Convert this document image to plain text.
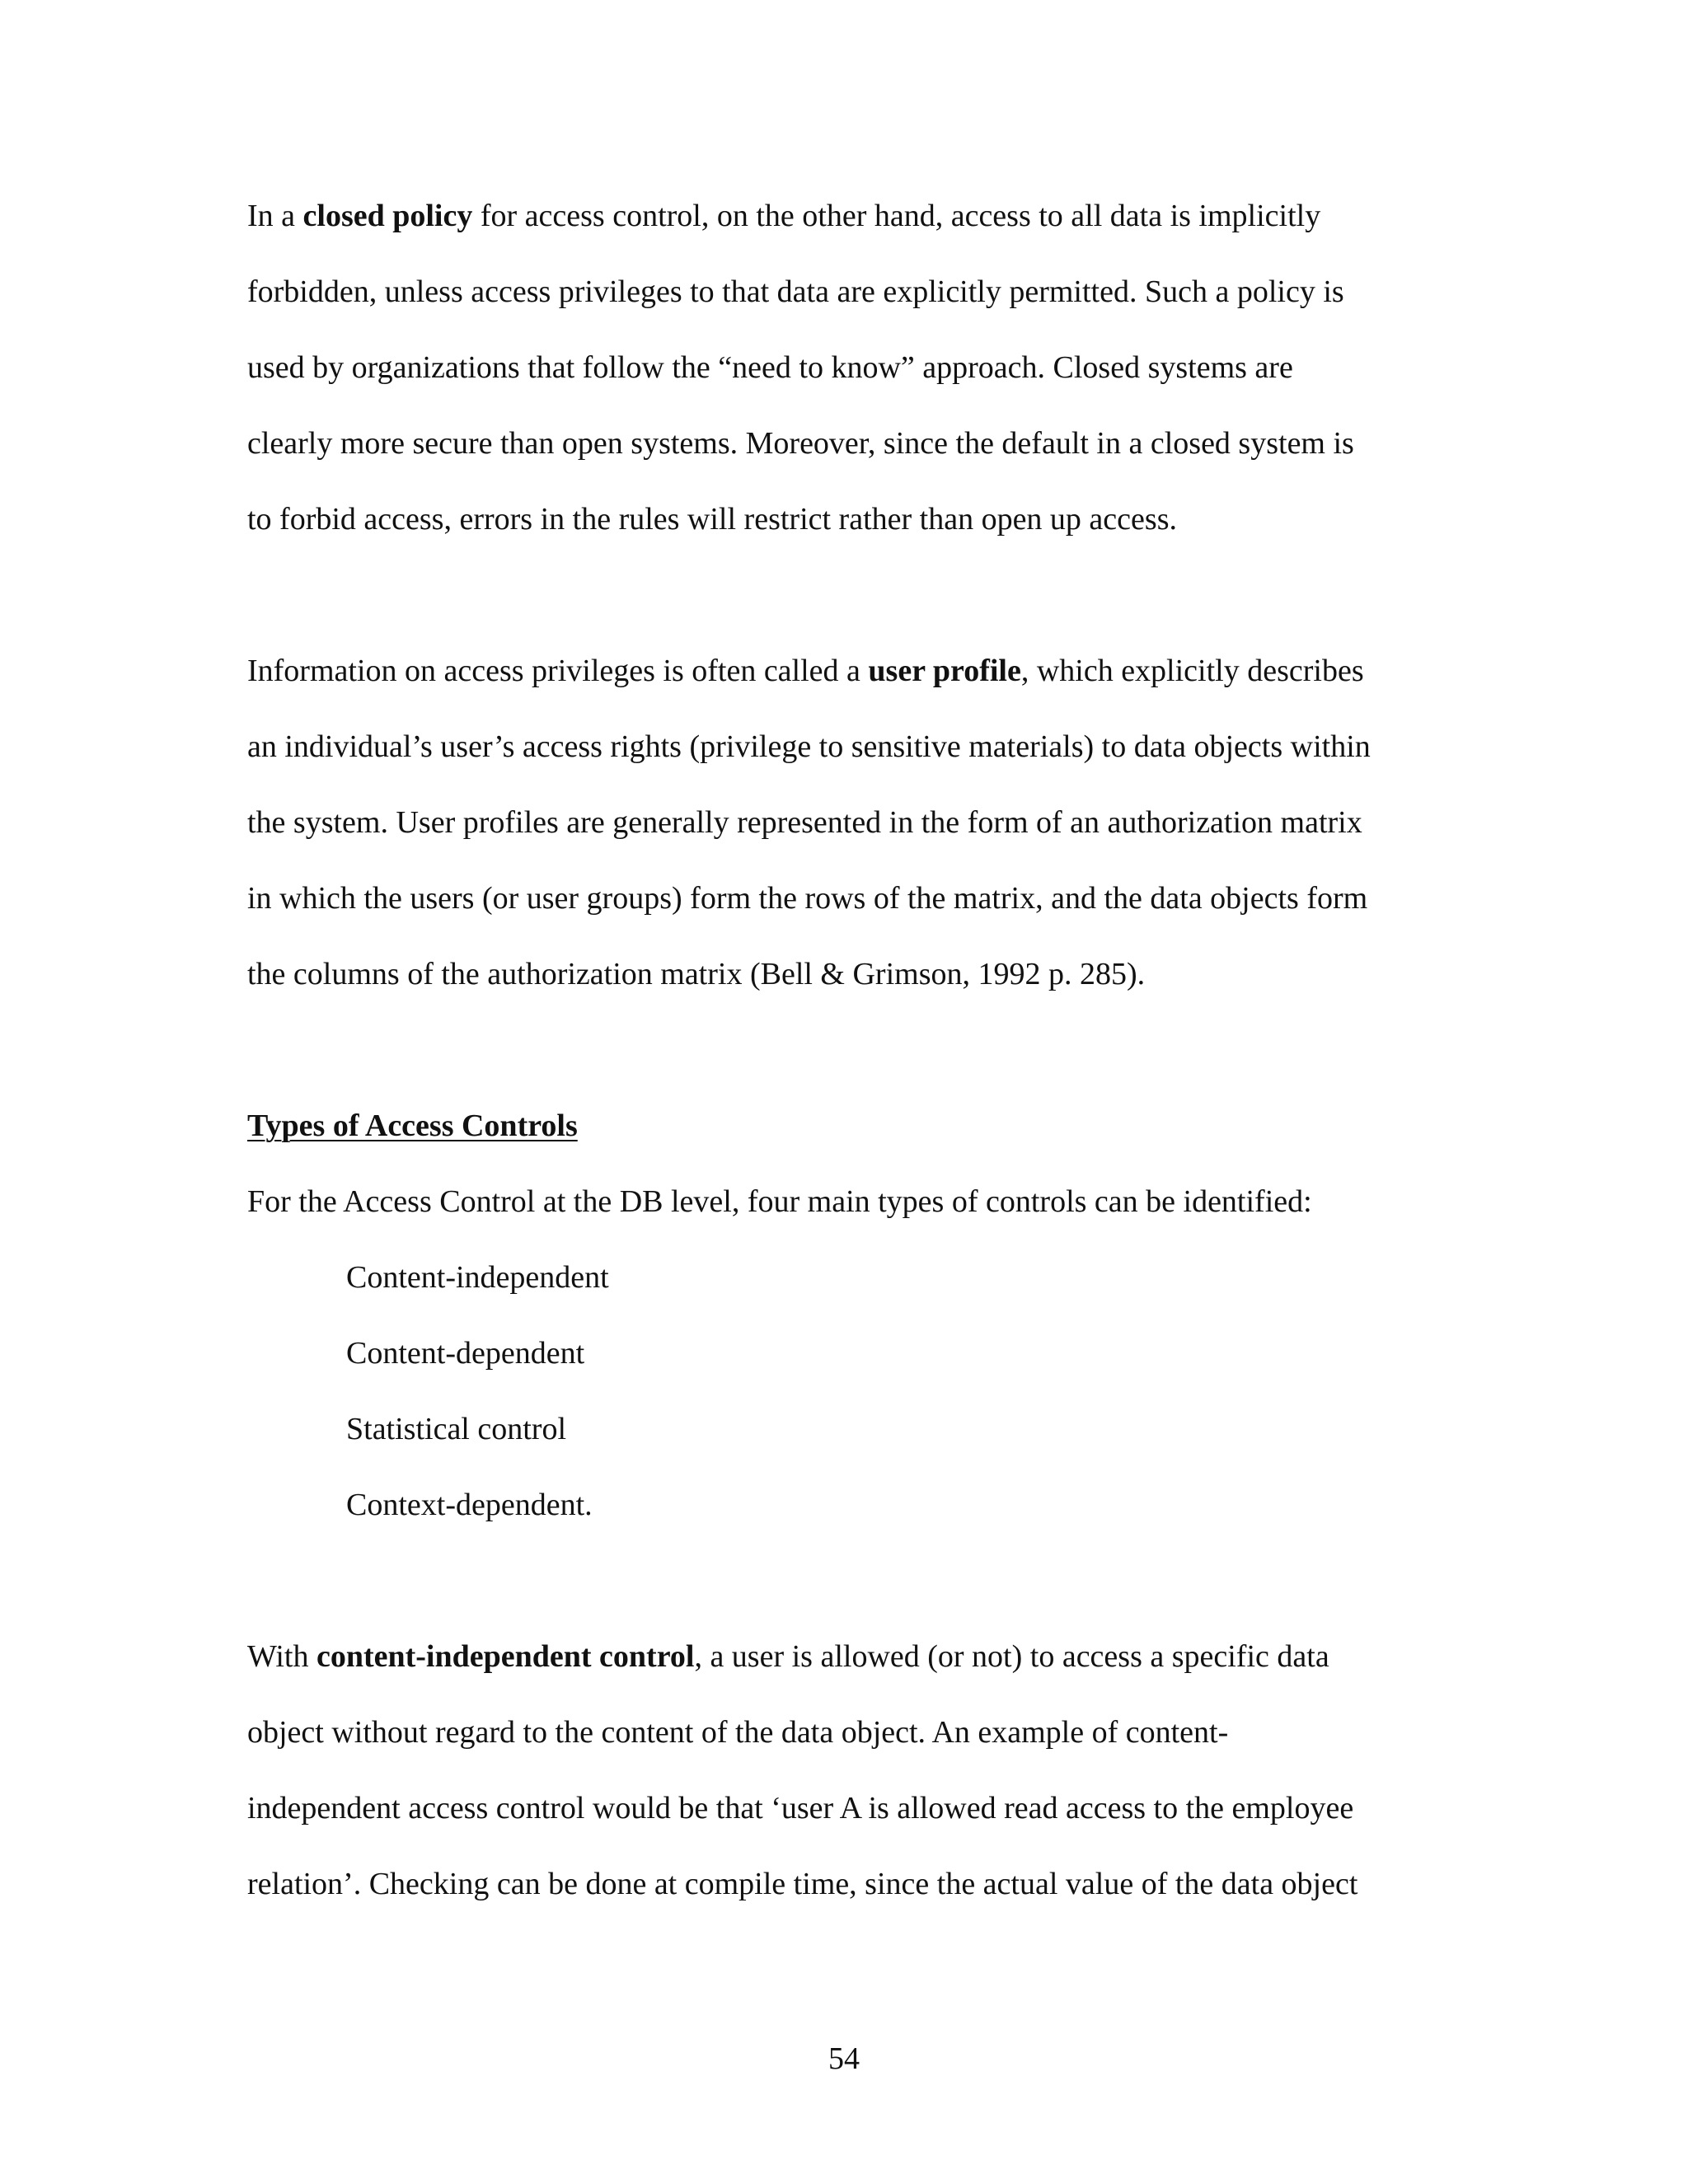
In a closed policy for access control, on the other hand, access to all data is implicitly
forbidden, unless access privileges to that data are explicitly permitted. Such a policy is
used by organizations that follow the “need to know” approach. Closed systems are
clearly more secure than open systems. Moreover, since the default in a closed system is
to forbid access, errors in the rules will restrict rather than open up access.
Information on access privileges is often called a user profile, which explicitly describes
an individual’s user’s access rights (privilege to sensitive materials) to data objects within
the system. User profiles are generally represented in the form of an authorization matrix
in which the users (or user groups) form the rows of the matrix, and the data objects form
the columns of the authorization matrix (Bell & Grimson, 1992 p. 285).
Types of Access Controls
For the Access Control at the DB level, four main types of controls can be identified:
Content-independent
Content-dependent
Statistical control
Context-dependent.
With content-independent control, a user is allowed (or not) to access a specific data
object without regard to the content of the data object. An example of content-
independent access control would be that ‘user A is allowed read access to the employee
relation’. Checking can be done at compile time, since the actual value of the data object
54
